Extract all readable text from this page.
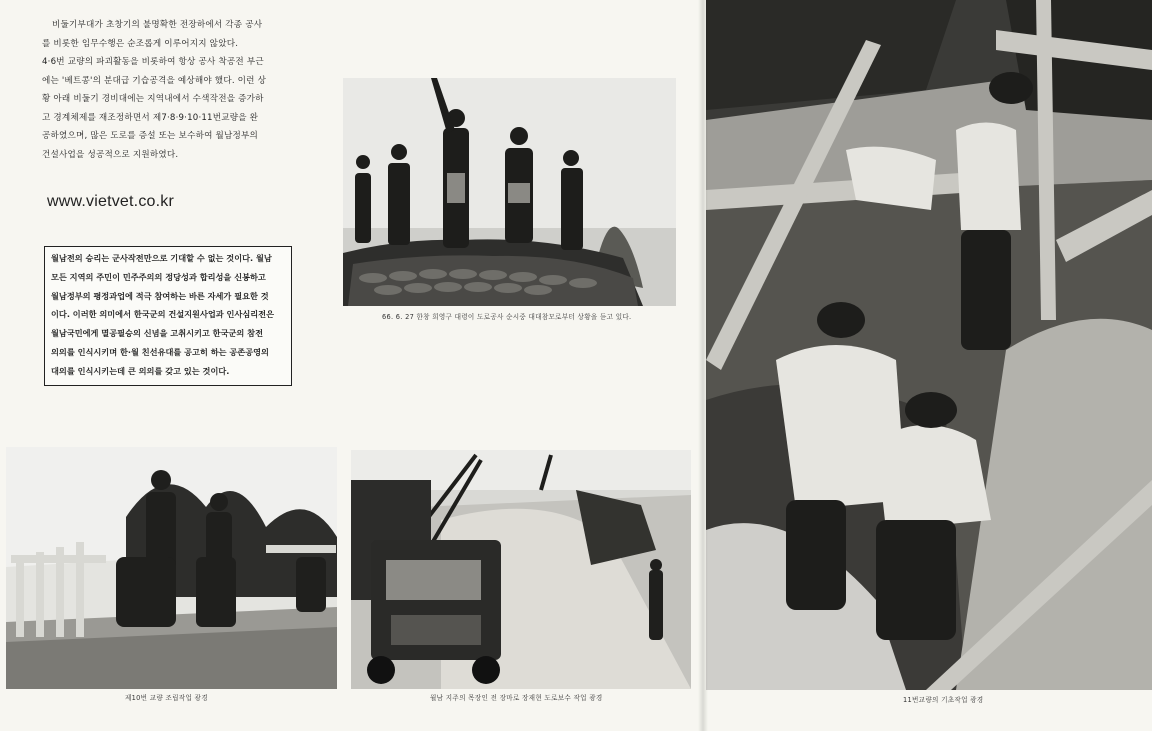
비둘기부대가 초창기의 불명확한 전장하에서 각종 공사

를 비롯한 임무수행은 순조롭게 이루어지지 않았다.

4·6번 교량의 파괴활동을 비롯하여 항상 공사 착공전 부근

에는 '베트콩'의 분대급 기습공격을 예상해야 했다. 이런 상

황 아래 비둘기 경비대에는 지역내에서 수색작전을 증가하

고 경계체제를 재조정하면서 제7·8·9·10·11번교량을 완

공하였으며, 많은 도로를 증설 또는 보수하여 월남정부의

건설사업을 성공적으로 지원하였다.

www.vietvet.co.kr
월남전의 승리는 군사작전만으로 기대할 수 없는 것이다. 월남
모든 지역의 주민이 민주주의의 정당성과 합리성을 신봉하고
월남정부의 평정과업에 적극 참여하는 바른 자세가 필요한 것
이다. 이러한 의미에서 한국군의 건설지원사업과 인사심리전은
월남국민에게 멸공필승의 신념을 고취시키고 한국군의 참전
의의를 인식시키며 한·월 친선유대를 공고히 하는 공존공영의
대의를 인식시키는데 큰 의의를 갖고 있는 것이다.
66. 6. 27 한창 희영구 대령이 도로공사 순시중 대대참모로부터 상황을 듣고 있다.
제10번 교량 조립작업 광경	월남 지주의 목장인 전 장마로 장재현 도로보수 작업 광경	11번교량의 기초작업 광경
